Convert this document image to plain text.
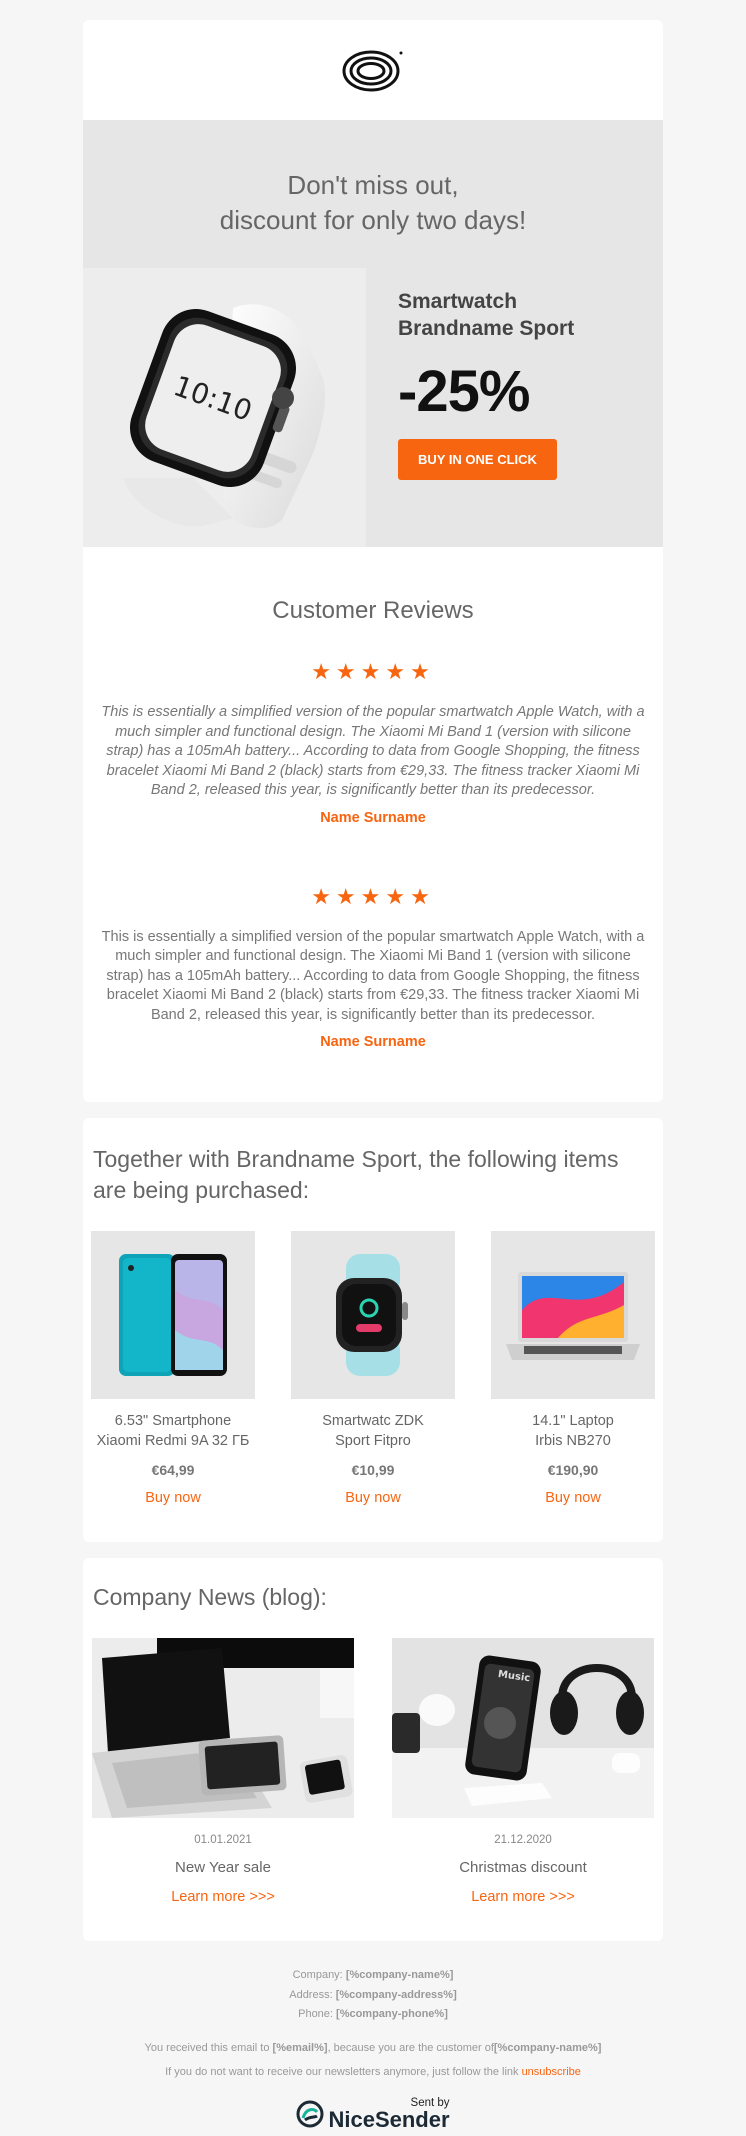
Don't miss out,
discount for only two days!
10:10
Smartwatch
Brandname Sport
-25%
BUY IN ONE CLICK
Customer Reviews
★★★★★
This is essentially a simplified version of the popular smartwatch Apple Watch, with a much simpler and functional design. The Xiaomi Mi Band 1 (version with silicone strap) has a 105mAh battery... According to data from Google Shopping, the fitness bracelet Xiaomi Mi Band 2 (black) starts from €29,33. The fitness tracker Xiaomi Mi Band 2, released this year, is significantly better than its predecessor.
Name Surname
★★★★★
This is essentially a simplified version of the popular smartwatch Apple Watch, with a much simpler and functional design. The Xiaomi Mi Band 1 (version with silicone strap) has a 105mAh battery... According to data from Google Shopping, the fitness bracelet Xiaomi Mi Band 2 (black) starts from €29,33. The fitness tracker Xiaomi Mi Band 2, released this year, is significantly better than its predecessor.
Name Surname
Together with Brandname Sport, the following items are being purchased:
6.53" Smartphone
Xiaomi Redmi 9A 32 ГБ
€64,99
Buy now
Smartwatc ZDK
Sport Fitpro
€10,99
Buy now
14.1" Laptop
Irbis NB270
€190,90
Buy now
Company News (blog):
01.01.2021
New Year sale
Learn more >>>
Music
21.12.2020
Christmas discount
Learn more >>>
Company: [%company-name%]
Address: [%company-address%]
Phone: [%company-phone%]
You received this email to [%email%], because you are the customer of[%company-name%]
If you do not want to receive our newsletters anymore, just follow the link unsubscribe
Sent by
NiceSender
